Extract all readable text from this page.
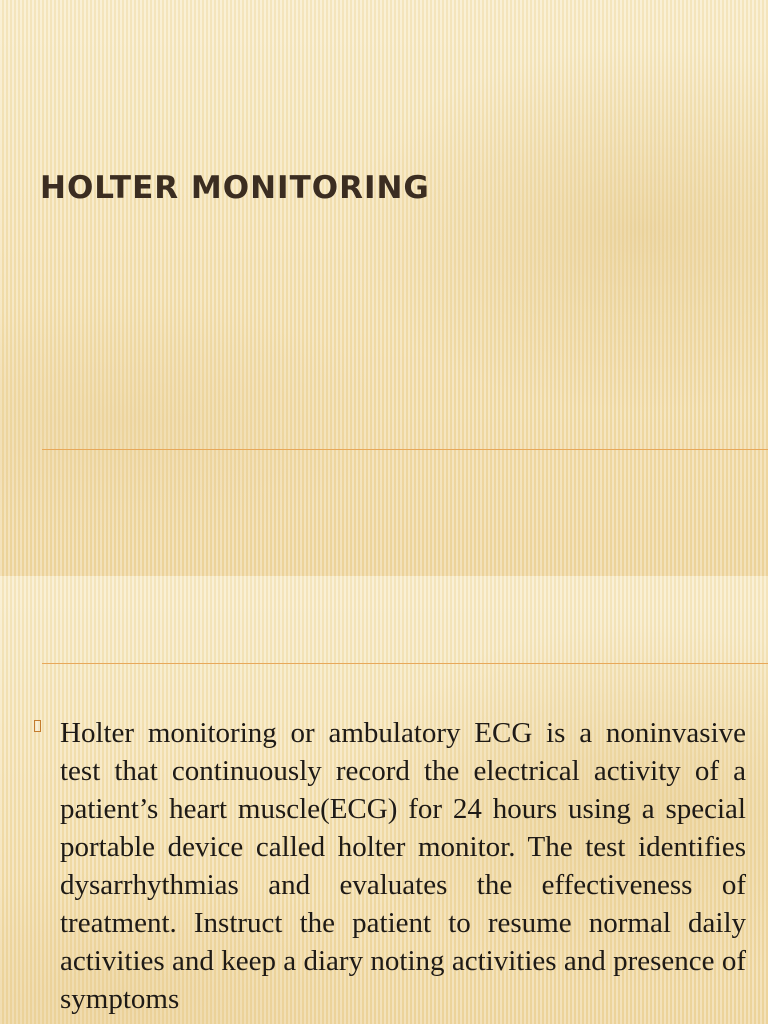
HOLTER MONITORING

Holter monitoring or ambulatory ECG is a noninvasive test that continuously record the electrical activity of a patient’s heart muscle(ECG) for 24 hours using a special portable device called holter monitor. The test identifies dysarrhythmias and evaluates the effectiveness of treatment. Instruct the patient to resume normal daily activities and keep a diary noting activities and presence of symptoms
